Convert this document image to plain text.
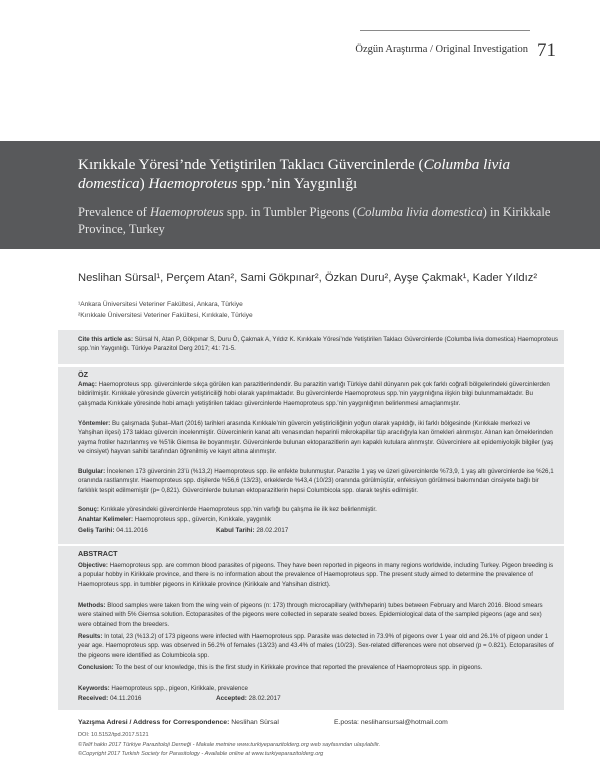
Özgün Araştırma / Original Investigation 71
Kırıkkale Yöresi’nde Yetiştirilen Taklacı Güvercinlerde (Columba livia domestica) Haemoproteus spp.’nin Yaygınlığı
Prevalence of Haemoproteus spp. in Tumbler Pigeons (Columba livia domestica) in Kirikkale Province, Turkey
Neslihan Sürsal¹, Perçem Atan², Sami Gökpınar², Özkan Duru², Ayşe Çakmak¹, Kader Yıldız²
¹Ankara Üniversitesi Veteriner Fakültesi, Ankara, Türkiye
²Kırıkkale Üniversitesi Veteriner Fakültesi, Kırıkkale, Türkiye
Cite this article as: Sürsal N, Atan P, Gökpınar S, Duru Ö, Çakmak A, Yıldız K. Kırıkkale Yöresi’nde Yetiştirilen Taklacı Güvercinlerde (Columba livia domestica) Haemoproteus spp.’nin Yaygınlığı. Türkiye Parazitol Derg 2017; 41: 71-5.
ÖZ
Amaç: Haemoproteus spp. güvercinlerde sıkça görülen kan parazitlerindendir. Bu parazitin varlığı Türkiye dahil dünyanın pek çok farklı coğrafi bölgelerindeki güvercinlerden bildirilmiştir. Kırıkkale yöresinde güvercin yetiştiriciliği hobi olarak yapılmaktadır. Bu güvercinlerde Haemoproteus spp.’nin yaygınlığına ilişkin bilgi bulunmamaktadır. Bu çalışmada Kırıkkale yöresinde hobi amaçlı yetiştirilen taklacı güvercinlerde Haemoproteus spp.’nin yaygınlığının belirlenmesi amaçlanmıştır.
Yöntemler: Bu çalışmada Şubat–Mart (2016) tarihleri arasında Kırıkkale’nin güvercin yetiştiriciliğinin yoğun olarak yapıldığı, iki farklı bölgesinde (Kırıkkale merkezi ve Yahşihan ilçesi) 173 taklacı güvercin incelenmiştir. Güvercinlerin kanat altı venasından heparinli mikrokapillar tüp aracılığıyla kan örnekleri alınmıştır. Alınan kan örneklerinden yayma frotiler hazırlanmış ve %5’lik Giemsa ile boyanmıştır. Güvercinlerde bulunan ektoparazitlerin ayrı kapaklı kutulara alınmıştır. Güvercinlere ait epidemiyolojik bilgiler (yaş ve cinsiyet) hayvan sahibi tarafından öğrenilmiş ve kayıt altına alınmıştır.
Bulgular: İncelenen 173 güvercinin 23’ü (%13,2) Haemoproteus spp. ile enfekte bulunmuştur. Parazite 1 yaş ve üzeri güvercinlerde %73,9, 1 yaş altı güvercinlerde ise %26,1 oranında rastlanmıştır. Haemoproteus spp. dişilerde %56,6 (13/23), erkeklerde %43,4 (10/23) oranında görülmüştür, enfeksiyon görülmesi bakımından cinsiyete bağlı bir farklılık tespit edilmemiştir (p= 0,821). Güvercinlerde bulunan ektoparazitlerin hepsi Columbicola spp. olarak teşhis edilmiştir.
Sonuç: Kırıkkale yöresindeki güvercinlerde Haemoproteus spp.’nin varlığı bu çalışma ile ilk kez belirlenmiştir.
Anahtar Kelimeler: Haemoproteus spp., güvercin, Kırıkkale, yaygınlık
Geliş Tarihi: 04.11.2016	Kabul Tarihi: 28.02.2017
ABSTRACT
Objective: Haemoproteus spp. are common blood parasites of pigeons. They have been reported in pigeons in many regions worldwide, including Turkey. Pigeon breeding is a popular hobby in Kirikkale province, and there is no information about the prevalence of Haemoproteus spp. The present study aimed to determine the prevalence of Haemoproteus spp. in tumbler pigeons in Kirikkale province (Kirikkale and Yahsihan district).
Methods: Blood samples were taken from the wing vein of pigeons (n: 173) through microcapillary (with/heparin) tubes between February and March 2016. Blood smears were stained with 5% Giemsa solution. Ectoparasites of the pigeons were collected in separate sealed boxes. Epidemiological data of the sampled pigeons (age and sex) were obtained from the breeders.
Results: In total, 23 (%13.2) of 173 pigeons were infected with Haemoproteus spp. Parasite was detected in 73.9% of pigeons over 1 year old and 26.1% of pigeon under 1 year age. Haemoproteus spp. was observed in 56.2% of females (13/23) and 43.4% of males (10/23). Sex-related differences were not observed (p = 0.821). Ectoparasites of the pigeons were identified as Columbicola spp.
Conclusion: To the best of our knowledge, this is the first study in Kirikkale province that reported the prevalence of Haemoproteus spp. in pigeons.
Keywords: Haemoproteus spp., pigeon, Kirikkale, prevalence
Received: 04.11.2016	Accepted: 28.02.2017
Yazışma Adresi / Address for Correspondence: Neslihan Sürsal	E.posta: neslihansursal@hotmail.com
DOI: 10.5152/tpd.2017.5121
©Telif hakkı 2017 Türkiye Parazitoloji Derneği - Makale metnine www.turkiyeparazitolderg.org web sayfasından ulaşılabilir.
©Copyright 2017 Turkish Society for Parasitology - Available online at www.turkiyeparazitolderg.org
